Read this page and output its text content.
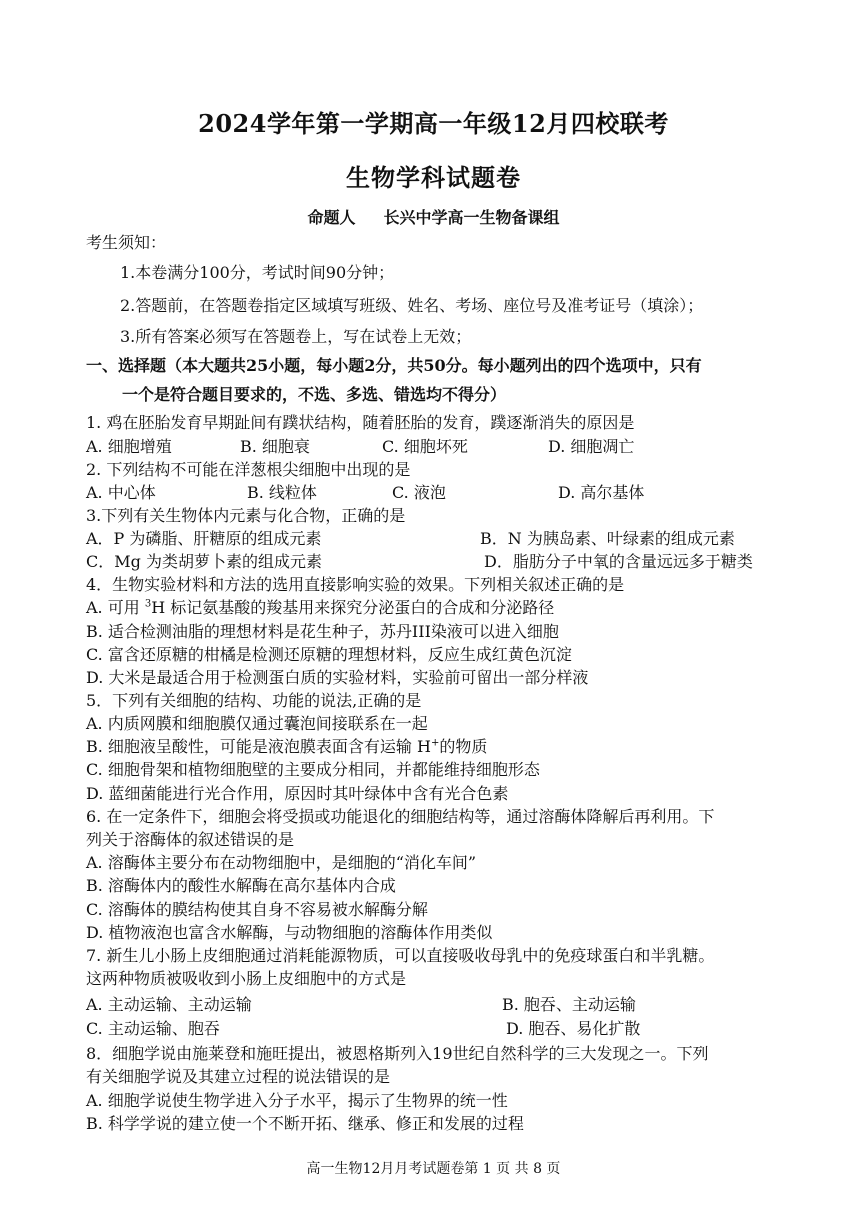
2024学年第一学期高一年级12月四校联考
生物学科试题卷
命题人 长兴中学高一生物备课组
考生须知：
1.本卷满分100分，考试时间90分钟；
2.答题前，在答题卷指定区域填写班级、姓名、考场、座位号及准考证号（填涂）；
3.所有答案必须写在答题卷上，写在试卷上无效；
一、选择题（本大题共25小题，每小题2分，共50分。每小题列出的四个选项中，只有
一个是符合题目要求的，不选、多选、错选均不得分）
1. 鸡在胚胎发育早期趾间有蹼状结构，随着胚胎的发育，蹼逐渐消失的原因是
A. 细胞增殖	B. 细胞衰	C. 细胞坏死	D. 细胞凋亡
2. 下列结构不可能在洋葱根尖细胞中出现的是
A. 中心体	B. 线粒体	C. 液泡	D. 高尔基体
3.下列有关生物体内元素与化合物，正确的是
A．P 为磷脂、肝糖原的组成元素	B．N 为胰岛素、叶绿素的组成元素
C．Mg 为类胡萝卜素的组成元素	D．脂肪分子中氧的含量远远多于糖类
4．生物实验材料和方法的选用直接影响实验的效果。下列相关叙述正确的是
A. 可用 $^3$H 标记氨基酸的羧基用来探究分泌蛋白的合成和分泌路径
B. 适合检测油脂的理想材料是花生种子，苏丹III染液可以进入细胞
C. 富含还原糖的柑橘是检测还原糖的理想材料，反应生成红黄色沉淀
D. 大米是最适合用于检测蛋白质的实验材料，实验前可留出一部分样液
5．下列有关细胞的结构、功能的说法,正确的是
A. 内质网膜和细胞膜仅通过囊泡间接联系在一起
B. 细胞液呈酸性，可能是液泡膜表面含有运输 H+的物质
C. 细胞骨架和植物细胞壁的主要成分相同，并都能维持细胞形态
D. 蓝细菌能进行光合作用，原因时其叶绿体中含有光合色素
6. 在一定条件下，细胞会将受损或功能退化的细胞结构等，通过溶酶体降解后再利用。下
列关于溶酶体的叙述错误的是
A. 溶酶体主要分布在动物细胞中，是细胞的“消化车间”
B. 溶酶体内的酸性水解酶在高尔基体内合成
C. 溶酶体的膜结构使其自身不容易被水解酶分解
D. 植物液泡也富含水解酶，与动物细胞的溶酶体作用类似
7. 新生儿小肠上皮细胞通过消耗能源物质，可以直接吸收母乳中的免疫球蛋白和半乳糖。
这两种物质被吸收到小肠上皮细胞中的方式是
A. 主动运输、主动运输	B. 胞吞、主动运输
C. 主动运输、胞吞	D. 胞吞、易化扩散
8．细胞学说由施莱登和施旺提出，被恩格斯列入19世纪自然科学的三大发现之一。下列
有关细胞学说及其建立过程的说法错误的是
A. 细胞学说使生物学进入分子水平，揭示了生物界的统一性
B. 科学学说的建立使一个不断开拓、继承、修正和发展的过程
高一生物12月月考试题卷第 1 页 共 8 页
